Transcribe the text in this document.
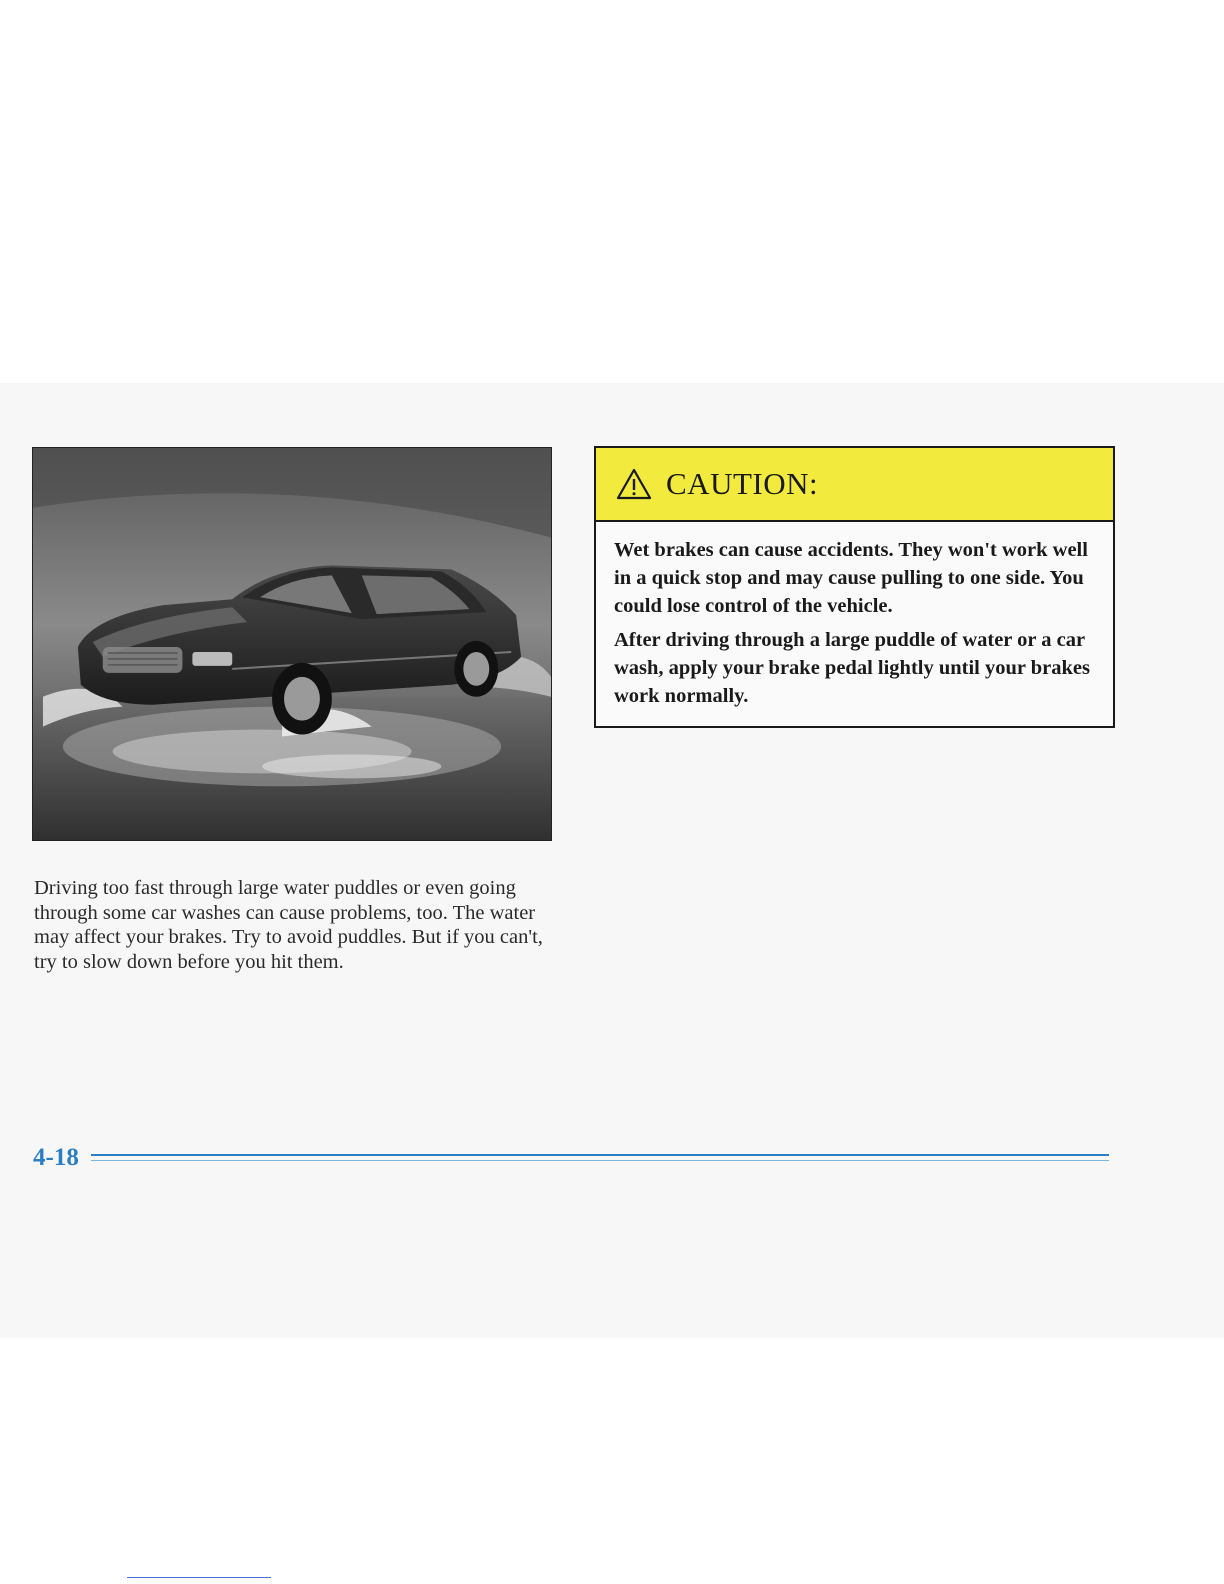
Driving too fast through large water puddles or even going through some car washes can cause problems, too. The water may affect your brakes. Try to avoid puddles. But if you can't, try to slow down before you hit them.

CAUTION:

Wet brakes can cause accidents. They won't work well in a quick stop and may cause pulling to one side. You could lose control of the vehicle.

After driving through a large puddle of water or a car wash, apply your brake pedal lightly until your brakes work normally.

4-18
